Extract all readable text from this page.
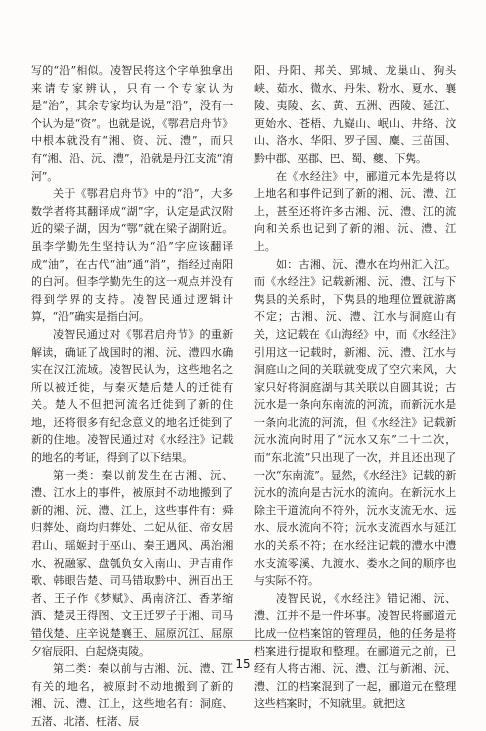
写的“沿”相似。凌智民将这个字单独拿出来请专家辨认，只有一个专家认为是“治”，其余专家均认为是“沿”，没有一个认为是“资”。也就是说，《鄂君启舟节》中根本就没有“湘、资、沅、澧”，而只有“湘、沿、沅、澧”，沿就是丹江支流“淯河”。

关于《鄂君启舟节》中的“沿”，大多数学者将其翻译成“湖”字，认定是武汉附近的梁子湖，因为“鄂”就在梁子湖附近。虽李学勤先生坚持认为“沿”字应该翻译成“油”，在古代“油”通“消”，指经过南阳的白河。但李学勤先生的这一观点并没有得到学界的支持。凌智民通过逻辑计算，“沿”确实是指白河。

凌智民通过对《鄂君启舟节》的重新解读，确证了战国时的湘、沅、澧四水确实在汉江流域。凌智民认为，这些地名之所以被迁徙，与秦灭楚后楚人的迁徙有关。楚人不但把河流名迁徙到了新的住地，还将很多有纪念意义的地名迁徙到了新的住地。凌智民通过对《水经注》记载的地名的考证，得到了以下结果。

第一类：秦以前发生在古湘、沅、澧、江水上的事件，被原封不动地搬到了新的湘、沅、澧、江上，这些事件有：舜归葬处、商均归葬处、二妃从征、帝女居君山、瑶姬封于巫山、秦王遇风、禹治湘水、祝融冢、盘瓠负女入南山、尹吉甫作歌、韩眼告楚、司马错取黔中、洲百出王者、王子作《梦赋》、禹南济江、香茅缩酒、楚灵王得图、文王迁罗子于湘、司马错伐楚、庄辛说楚襄王、屈原沉江、屈原夕宿辰阳、白起烧夷陵。

第二类：秦以前与古湘、沅、澧、江有关的地名，被原封不动地搬到了新的湘、沅、澧、江上，这些地名有：洞庭、五渚、北渚、枉渚、辰

阳、丹阳、邦关、郢城、龙巢山、狗头峡、茹水、微水、丹朱、粉水、夏水、襄陵、夷陵、玄、黄、五洲、西陵、延江、更始水、苍梧、九嶷山、岷山、井络、汶山、洛水、华阳、罗子国、麋、三苗国、黔中郡、巫郡、巴、蜀、夔、下隽。

在《水经注》中，郦道元本先是将以上地名和事件记到了新的湘、沅、澧、江上，甚至还将许多古湘、沅、澧、江的流向和关系也记到了新的湘、沅、澧、江上。

如：古湘、沅、澧水在均州汇入江。而《水经注》记载新湘、沅、澧、江与下隽县的关系时，下隽县的地理位置就游离不定；古湘、沅、澧、江水与洞庭山有关，这记载在《山海经》中，而《水经注》引用这一记载时，新湘、沅、澧、江水与洞庭山之间的关联就变成了空穴来风，大家只好将洞庭湖与其关联以自圆其说；古沅水是一条向东南流的河流，而新沅水是一条向北流的河流，但《水经注》记载新沅水流向时用了“沅水又东”二十二次，而“东北流”只出现了一次，并且还出现了一次“东南流”。显然，《水经注》记载的新沅水的流向是古沅水的流向。在新沅水上除主干道流向不符外，沅水支流无水、远水、辰水流向不符；沅水支流酉水与延江水的关系不符；在水经注记载的澧水中澧水支流零溪、九渡水、娄水之间的顺序也与实际不符。

凌智民说，《水经注》错记湘、沅、澧、江并不是一件坏事。凌智民将郦道元比成一位档案馆的管理员，他的任务是将档案进行提取和整理。在郦道元之前，已经有人将古湘、沅、澧、江与新湘、沅、澧、江的档案混到了一起，郦道元在整理这些档案时，不知就里。就把这

－ 15 －
